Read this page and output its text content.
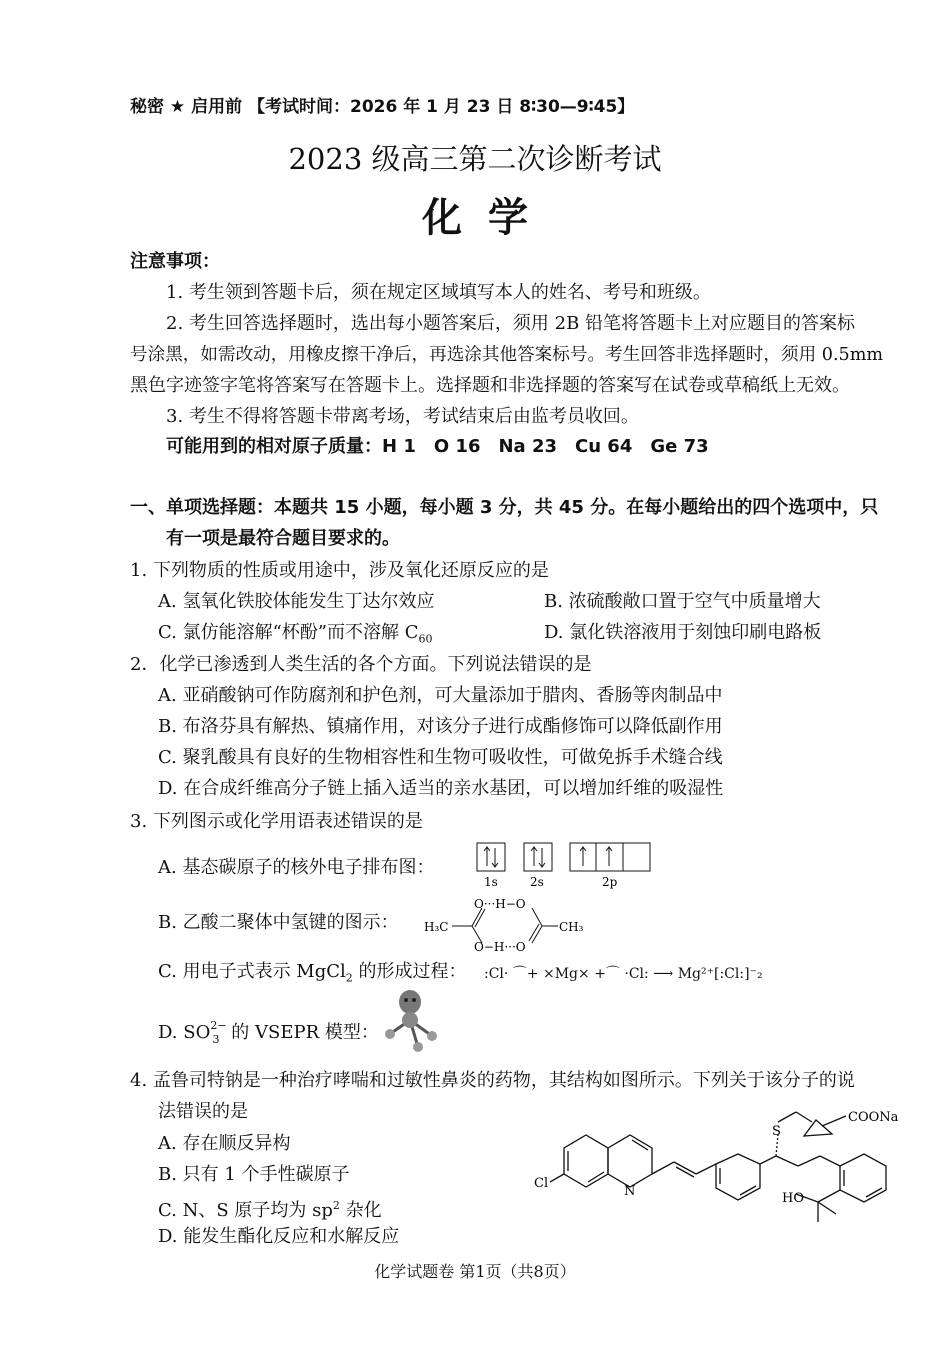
秘密 ★ 启用前 【考试时间：2026 年 1 月 23 日 8∶30—9∶45】
2023 级高三第二次诊断考试
化学
注意事项：
1. 考生领到答题卡后，须在规定区域填写本人的姓名、考号和班级。
2. 考生回答选择题时，选出每小题答案后，须用 2B 铅笔将答题卡上对应题目的答案标
号涂黑，如需改动，用橡皮擦干净后，再选涂其他答案标号。考生回答非选择题时，须用 0.5mm
黑色字迹签字笔将答案写在答题卡上。选择题和非选择题的答案写在试卷或草稿纸上无效。
3. 考生不得将答题卡带离考场，考试结束后由监考员收回。
可能用到的相对原子质量：H 1　O 16　Na 23　Cu 64　Ge 73
一、单项选择题：本题共 15 小题，每小题 3 分，共 45 分。在每小题给出的四个选项中，只
有一项是最符合题目要求的。
1. 下列物质的性质或用途中，涉及氧化还原反应的是
A. 氢氧化铁胶体能发生丁达尔效应	B. 浓硫酸敞口置于空气中质量增大
C. 氯仿能溶解“杯酚”而不溶解 $C_{60}$	D. 氯化铁溶液用于刻蚀印刷电路板
2．化学已渗透到人类生活的各个方面。下列说法错误的是
A. 亚硝酸钠可作防腐剂和护色剂，可大量添加于腊肉、香肠等肉制品中
B. 布洛芬具有解热、镇痛作用，对该分子进行成酯修饰可以降低副作用
C. 聚乳酸具有良好的生物相容性和生物可吸收性，可做免拆手术缝合线
D. 在合成纤维高分子链上插入适当的亲水基团，可以增加纤维的吸湿性
3. 下列图示或化学用语表述错误的是
A. 基态碳原子的核外电子排布图：
1s	2s	2p
B. 乙酸二聚体中氢键的图示： H₃C
O···H−O
O−H···O
CH₃
C. 用电子式表示 MgCl$_2$ 的形成过程： :Cl· ⌒+ ×Mg× +⌒ ·Cl: ⟶ Mg²⁺[:Cl:]⁻₂
D. $SO^{2-}_3$ 的 VSEPR 模型：
4. 孟鲁司特钠是一种治疗哮喘和过敏性鼻炎的药物，其结构如图所示。下列关于该分子的说
法错误的是
A. 存在顺反异构
B. 只有 1 个手性碳原子
C. N、S 原子均为 $sp^2$ 杂化
D. 能发生酯化反应和水解反应
Cl
N
S
COONa
HO
化学试题卷 第1页（共8页）
